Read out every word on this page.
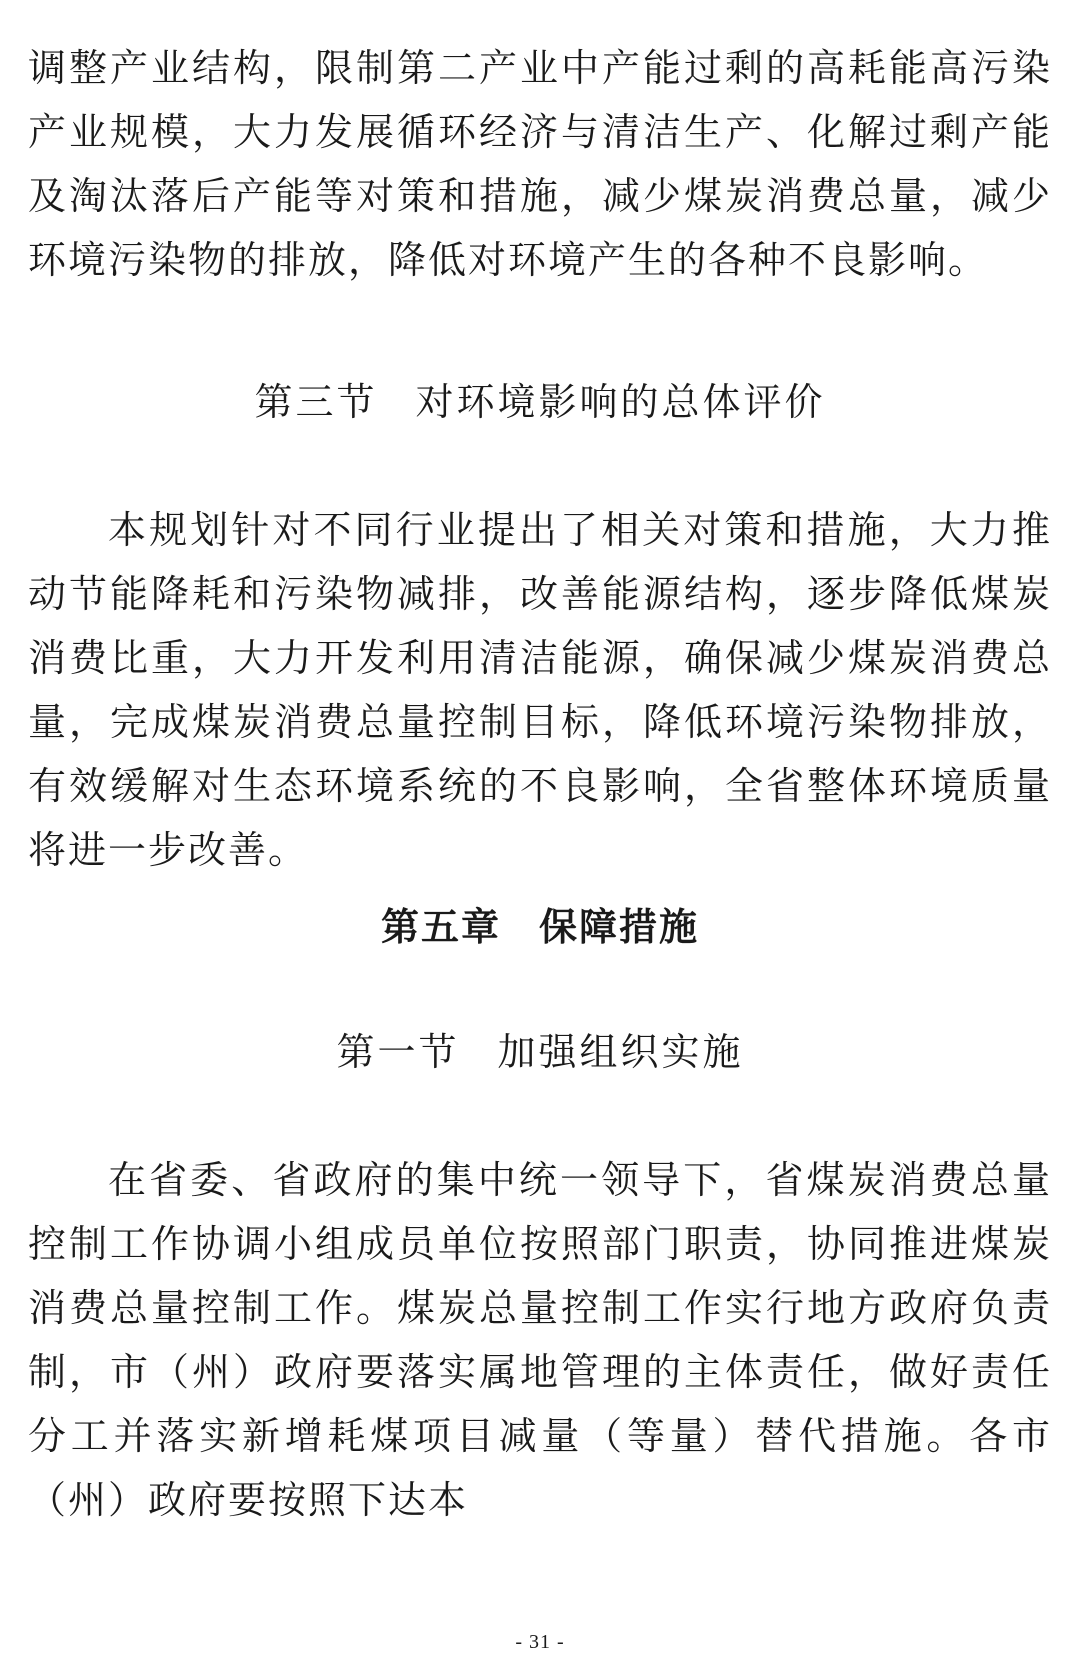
调整产业结构，限制第二产业中产能过剩的高耗能高污染产业规模，大力发展循环经济与清洁生产、化解过剩产能及淘汰落后产能等对策和措施，减少煤炭消费总量，减少环境污染物的排放，降低对环境产生的各种不良影响。

第三节 对环境影响的总体评价

本规划针对不同行业提出了相关对策和措施，大力推动节能降耗和污染物减排，改善能源结构，逐步降低煤炭消费比重，大力开发利用清洁能源，确保减少煤炭消费总量，完成煤炭消费总量控制目标，降低环境污染物排放，有效缓解对生态环境系统的不良影响，全省整体环境质量将进一步改善。

第五章 保障措施
第一节 加强组织实施

在省委、省政府的集中统一领导下，省煤炭消费总量控制工作协调小组成员单位按照部门职责，协同推进煤炭消费总量控制工作。煤炭总量控制工作实行地方政府负责制，市（州）政府要落实属地管理的主体责任，做好责任分工并落实新增耗煤项目减量（等量）替代措施。各市（州）政府要按照下达本

- 31 -
